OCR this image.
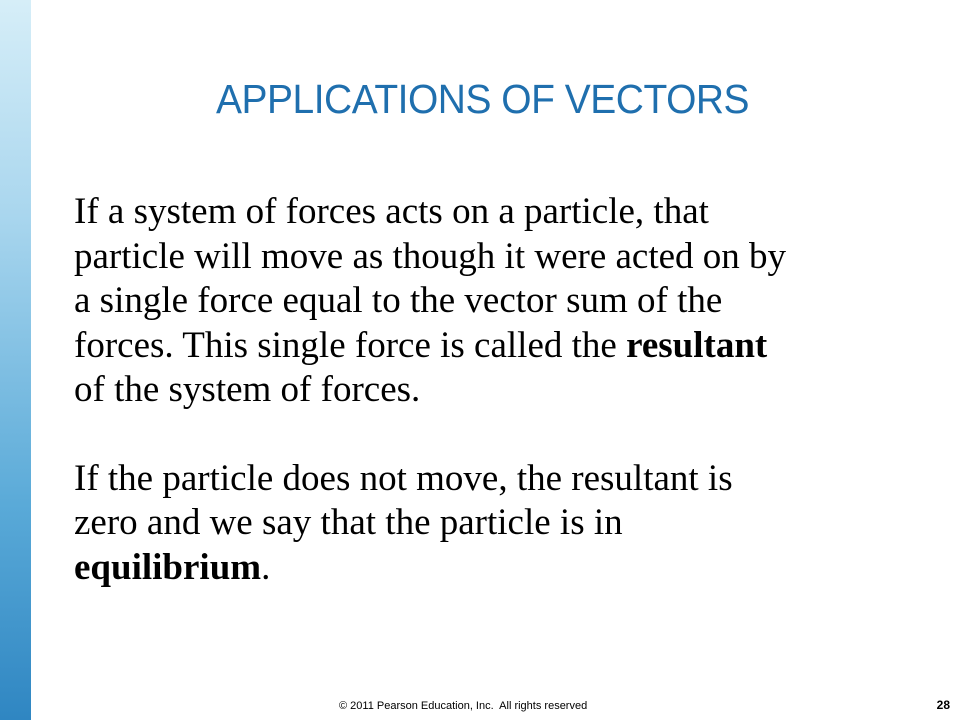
APPLICATIONS OF VECTORS

If a system of forces acts on a particle, that
particle will move as though it were acted on by
a single force equal to the vector sum of the
forces. This single force is called the resultant
of the system of forces.

If the particle does not move, the resultant is
zero and we say that the particle is in
equilibrium.

© 2011 Pearson Education, Inc.  All rights reserved	28
